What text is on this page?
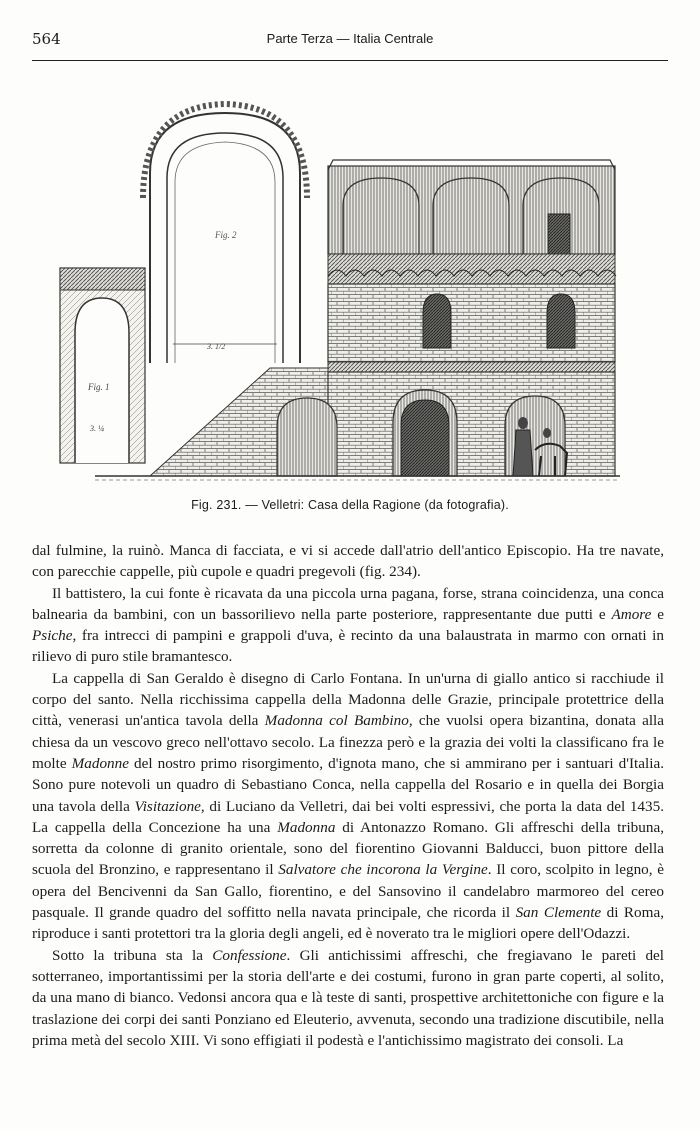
564	Parte Terza — Italia Centrale
Fig. 2
3. 1/2
Fig. 1
3. ¼
Fig. 231. — Velletri: Casa della Ragione (da fotografia).

dal fulmine, la ruinò. Manca di facciata, e vi si accede dall'atrio dell'antico Episcopio. Ha tre navate, con parecchie cappelle, più cupole e quadri pregevoli (fig. 234).

Il battistero, la cui fonte è ricavata da una piccola urna pagana, forse, strana coincidenza, una conca balnearia da bambini, con un bassorilievo nella parte posteriore, rappresentante due putti e Amore e Psiche, fra intrecci di pampini e grappoli d'uva, è recinto da una balaustrata in marmo con ornati in rilievo di puro stile bramantesco.

La cappella di San Geraldo è disegno di Carlo Fontana. In un'urna di giallo antico si racchiude il corpo del santo. Nella ricchissima cappella della Madonna delle Grazie, principale protettrice della città, venerasi un'antica tavola della Madonna col Bambino, che vuolsi opera bizantina, donata alla chiesa da un vescovo greco nell'ottavo secolo. La finezza però e la grazia dei volti la classificano fra le molte Madonne del nostro primo risorgimento, d'ignota mano, che si ammirano per i santuari d'Italia. Sono pure notevoli un quadro di Sebastiano Conca, nella cappella del Rosario e in quella dei Borgia una tavola della Visitazione, di Luciano da Velletri, dai bei volti espressivi, che porta la data del 1435. La cappella della Concezione ha una Madonna di Antonazzo Romano. Gli affreschi della tribuna, sorretta da colonne di granito orientale, sono del fiorentino Giovanni Balducci, buon pittore della scuola del Bronzino, e rappresentano il Salvatore che incorona la Vergine. Il coro, scolpito in legno, è opera del Bencivenni da San Gallo, fiorentino, e del Sansovino il candelabro marmoreo del cereo pasquale. Il grande quadro del soffitto nella navata principale, che ricorda il San Clemente di Roma, riproduce i santi protettori tra la gloria degli angeli, ed è noverato tra le migliori opere dell'Odazzi.

Sotto la tribuna sta la Confessione. Gli antichissimi affreschi, che fregiavano le pareti del sotterraneo, importantissimi per la storia dell'arte e dei costumi, furono in gran parte coperti, al solito, da una mano di bianco. Vedonsi ancora qua e là teste di santi, prospettive architettoniche con figure e la traslazione dei corpi dei santi Ponziano ed Eleuterio, avvenuta, secondo una tradizione discutibile, nella prima metà del secolo XIII. Vi sono effigiati il podestà e l'antichissimo magistrato dei consoli. La
